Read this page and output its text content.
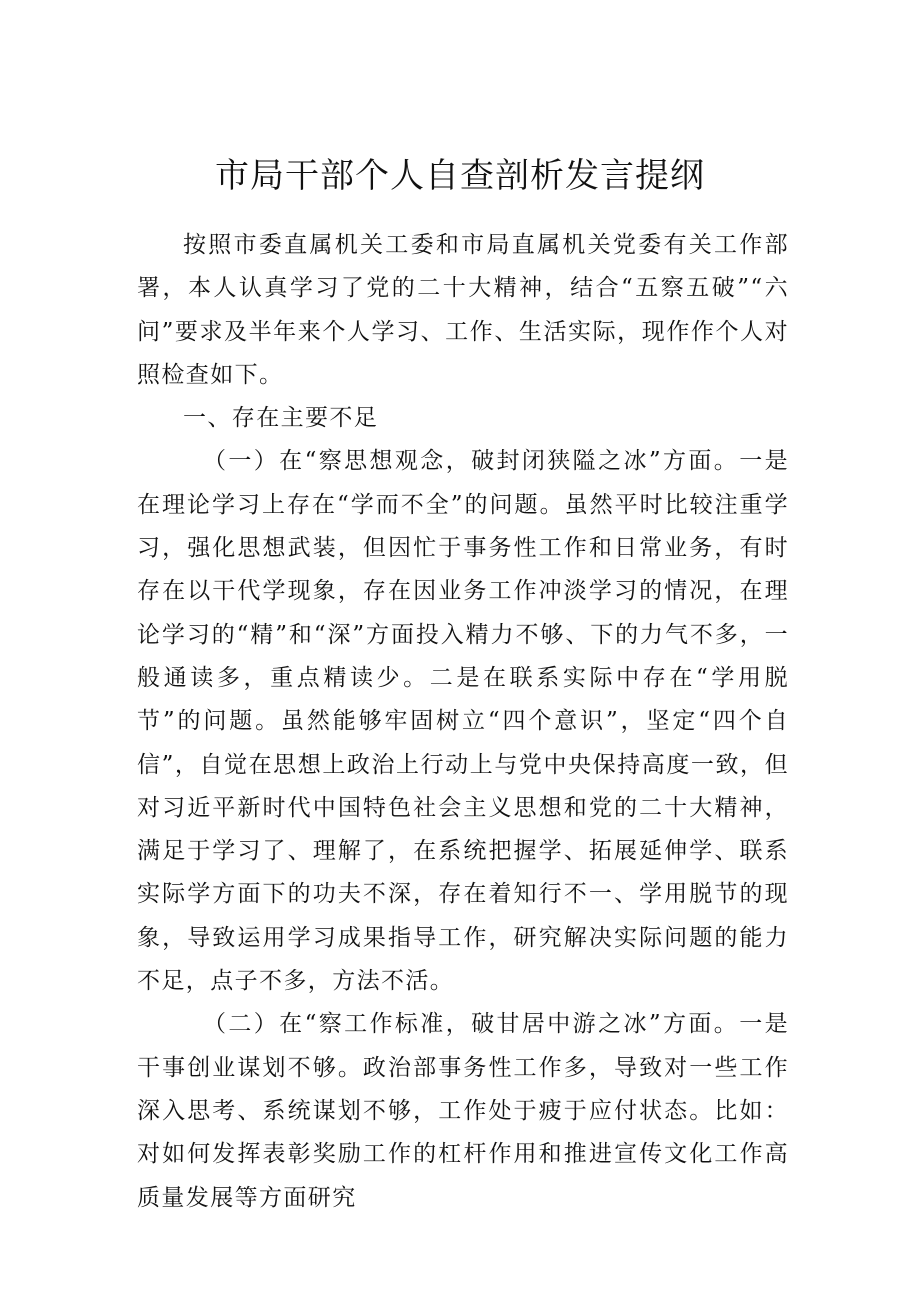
市局干部个人自查剖析发言提纲

按照市委直属机关工委和市局直属机关党委有关工作部署，本人认真学习了党的二十大精神，结合“五察五破”“六问”要求及半年来个人学习、工作、生活实际，现作作个人对照检查如下。

一、存在主要不足

（一）在“察思想观念，破封闭狭隘之冰”方面。一是在理论学习上存在“学而不全”的问题。虽然平时比较注重学习，强化思想武装，但因忙于事务性工作和日常业务，有时存在以干代学现象，存在因业务工作冲淡学习的情况，在理论学习的“精”和“深”方面投入精力不够、下的力气不多，一般通读多，重点精读少。二是在联系实际中存在“学用脱节”的问题。虽然能够牢固树立“四个意识”，坚定“四个自信”，自觉在思想上政治上行动上与党中央保持高度一致，但对习近平新时代中国特色社会主义思想和党的二十大精神，满足于学习了、理解了，在系统把握学、拓展延伸学、联系实际学方面下的功夫不深，存在着知行不一、学用脱节的现象，导致运用学习成果指导工作，研究解决实际问题的能力不足，点子不多，方法不活。

（二）在“察工作标准，破甘居中游之冰”方面。一是干事创业谋划不够。政治部事务性工作多，导致对一些工作深入思考、系统谋划不够，工作处于疲于应付状态。比如：对如何发挥表彰奖励工作的杠杆作用和推进宣传文化工作高质量发展等方面研究
